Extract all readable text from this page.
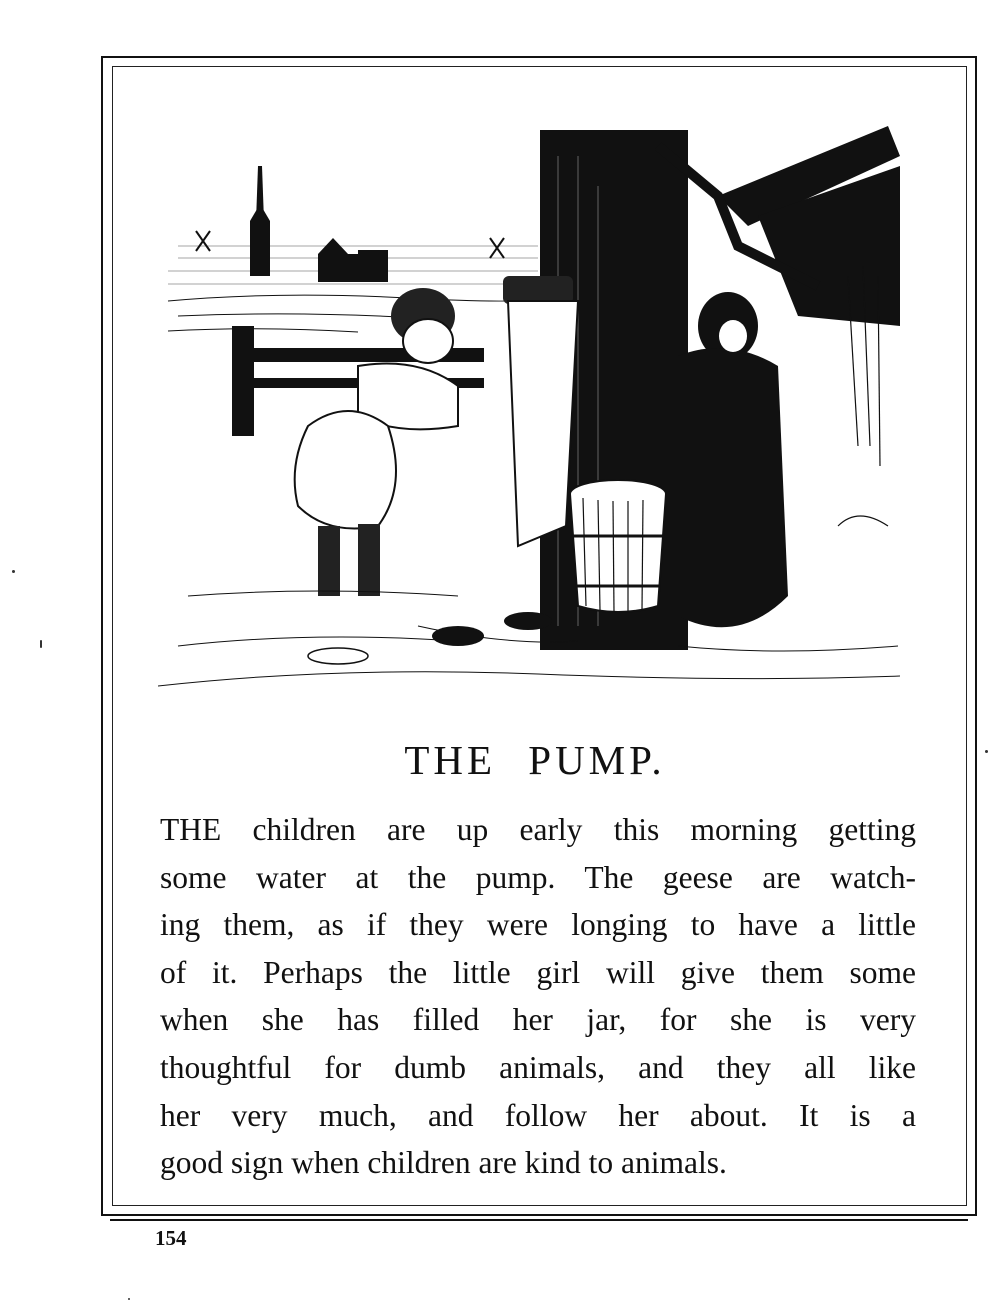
THE PUMP.
THE children are up early this morning getting
some water at the pump. The geese are watch-
ing them, as if they were longing to have a little
of it. Perhaps the little girl will give them some
when she has filled her jar, for she is very
thoughtful for dumb animals, and they all like
her very much, and follow her about. It is a
good sign when children are kind to animals.
154
